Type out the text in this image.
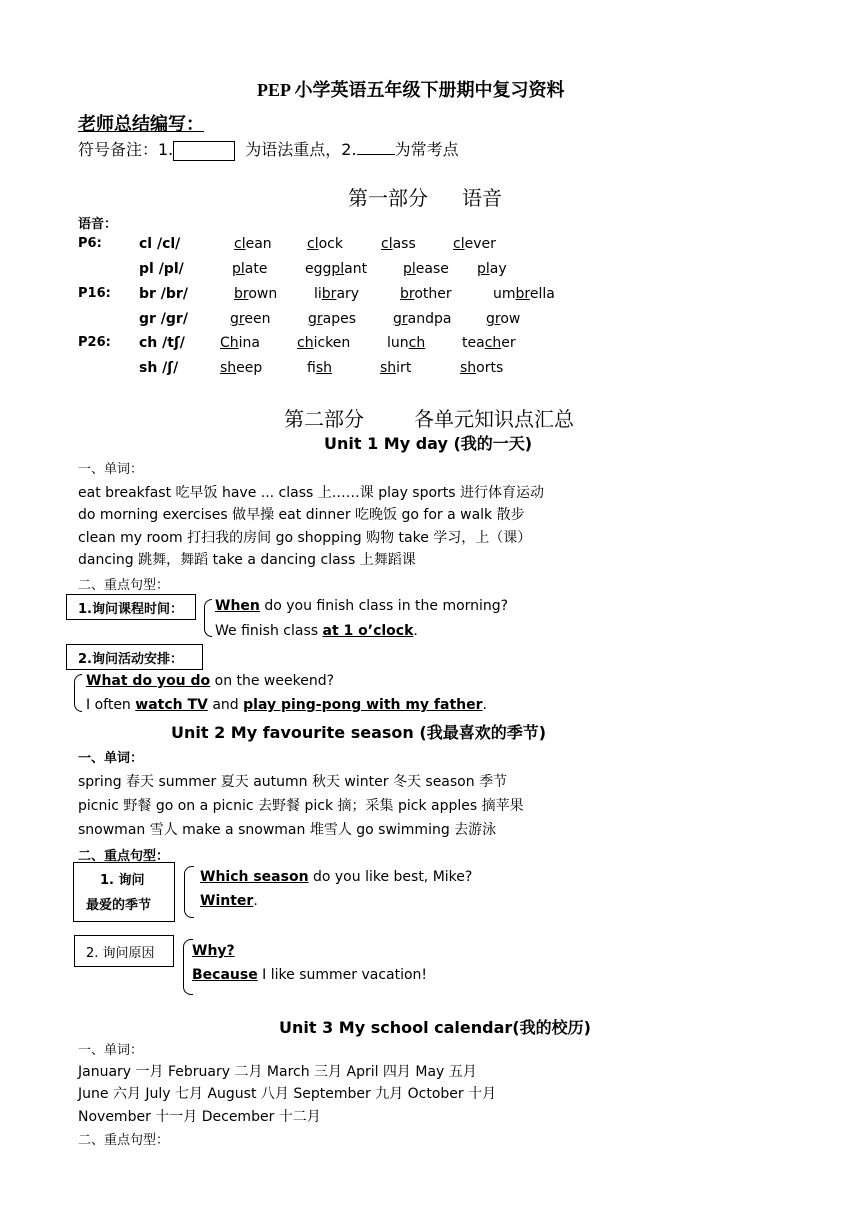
PEP 小学英语五年级下册期中复习资料
老师总结编写：
符号备注：1.	为语法重点，2. 为常考点
第一部分 语音
语音：
P6:	cl /cl/	clean	clock	class	clever
pl /pl/	plate	eggplant	please play
P16: br /br/	brown	library	brother	umbrella
gr /gr/	green	grapes	grandpa grow
P26: ch /tʃ/	China	chicken	lunch	teacher
sh /ʃ/	sheep	fish	shirt	shorts
第二部分	各单元知识点汇总
Unit 1 My day (我的一天)
一、单词：
eat breakfast 吃早饭 have ... class 上……课 play sports 进行体育运动
do morning exercises 做早操 eat dinner 吃晚饭 go for a walk 散步
clean my room 打扫我的房间 go shopping 购物 take 学习，上（课）
dancing 跳舞，舞蹈 take a dancing class 上舞蹈课
二、重点句型：
1.询问课程时间： When do you finish class in the morning?
We finish class at 1 o’clock.
2.询问活动安排：
What do you do on the weekend?
I often watch TV and play ping-pong with my father.
Unit 2 My favourite season (我最喜欢的季节)
一、单词：
spring 春天 summer 夏天 autumn 秋天 winter 冬天 season 季节
picnic 野餐 go on a picnic 去野餐 pick 摘；采集 pick apples 摘苹果
snowman 雪人 make a snowman 堆雪人 go swimming 去游泳
二、重点句型：
1. 询问
最爱的季节
Which season do you like best, Mike?
Winter.
2. 询问原因	Why?
Because I like summer vacation!
Unit 3 My school calendar(我的校历)
一、单词：
January 一月 February 二月 March 三月 April 四月 May 五月
June 六月 July 七月 August 八月 September 九月 October 十月
November 十一月 December 十二月
二、重点句型：
